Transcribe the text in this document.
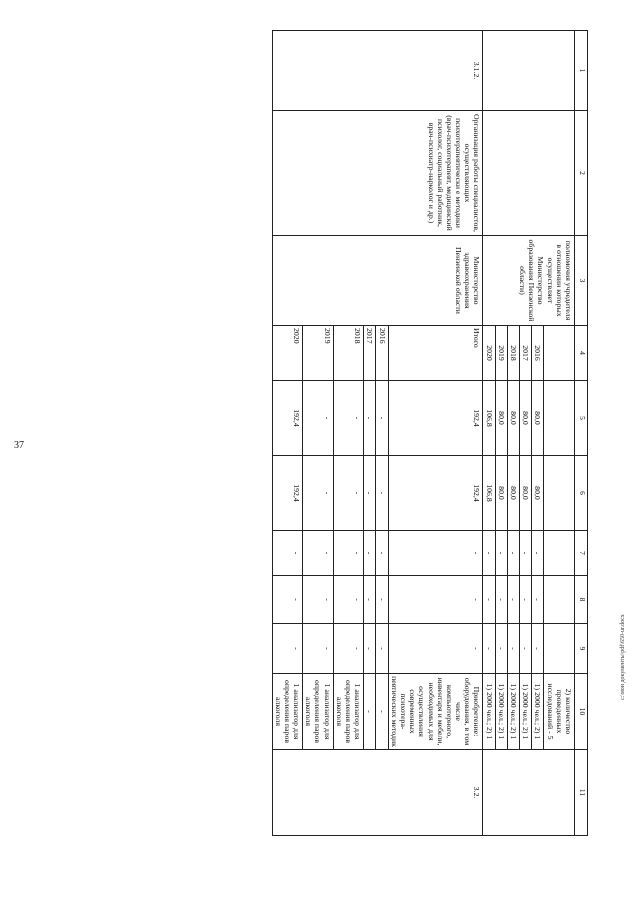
37
1	2	3	4	5	6	7	8	9	10	11
		полномочия учредителя в отношении которых осуществляет Министерство образования Пензенской области)							2) количество проведенных исследований - 5	
			2016	80,0	80,0	-	-	-	1) 2000 чел.; 2) 1	
			2017	80,0	80,0	-	-	-	1) 2000 чел.; 2) 1	
			2018	80,0	80,0	-	-	-	1) 2000 чел.; 2) 1	
			2019	80,0	80,0	-	-	-	1) 2000 чел.; 2) 1	
			2020	106,8	106,8	-	-	-	1) 2000 чел.; 2) 1	
3.1.2.	Организация работы специалистов, осуществляющих психотерапевтически е методики (врач-психотерапевт, медицинский психолог, социальный работник, врач-психиатр-нарколог и др.)	Министерство здравоохранения Пензенской области	Итого	192,4	192,4	-	-	-	Приобретение: оборудования, в том числе компьютерного, инвентаря и мебели, необходимых для осуществления современных психотера-певтических методик	3.2.
			2016	-	-	-	-	-	-	
			2017	-	-	-	-	-	-	
			2018	-	-	-	-	-	1 анализатор для определения паров алкоголя	
			2019	-	-	-	-	-	1 анализатор для определения паров алкоголя	
			2020	192,4	192,4	-	-	-	1 анализатор для определения паров алкоголя	
c:\мои документы\pdf\650-ur.docx
